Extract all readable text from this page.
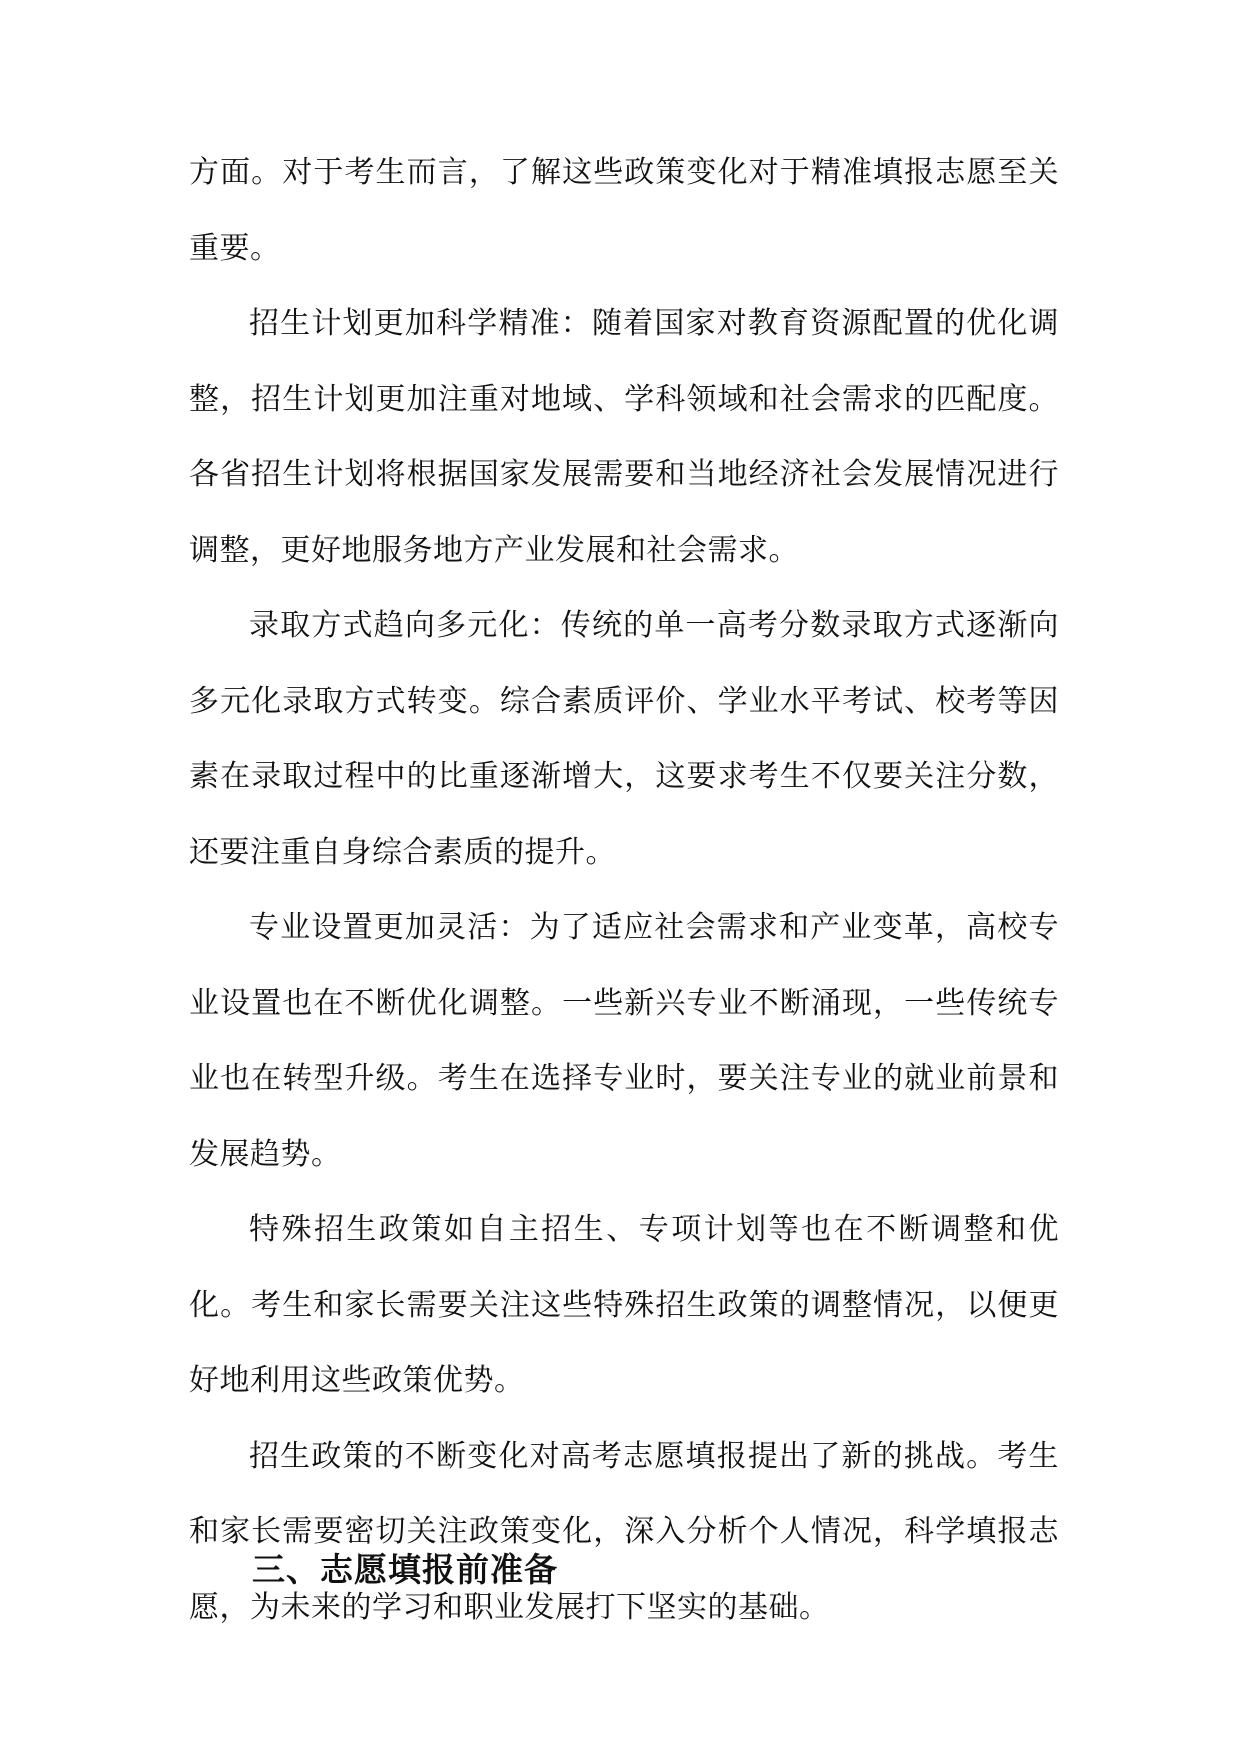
方面。对于考生而言，了解这些政策变化对于精准填报志愿至关重要。

招生计划更加科学精准：随着国家对教育资源配置的优化调整，招生计划更加注重对地域、学科领域和社会需求的匹配度。各省招生计划将根据国家发展需要和当地经济社会发展情况进行调整，更好地服务地方产业发展和社会需求。

录取方式趋向多元化：传统的单一高考分数录取方式逐渐向多元化录取方式转变。综合素质评价、学业水平考试、校考等因素在录取过程中的比重逐渐增大，这要求考生不仅要关注分数，还要注重自身综合素质的提升。

专业设置更加灵活：为了适应社会需求和产业变革，高校专业设置也在不断优化调整。一些新兴专业不断涌现，一些传统专业也在转型升级。考生在选择专业时，要关注专业的就业前景和发展趋势。

特殊招生政策如自主招生、专项计划等也在不断调整和优化。考生和家长需要关注这些特殊招生政策的调整情况，以便更好地利用这些政策优势。

招生政策的不断变化对高考志愿填报提出了新的挑战。考生和家长需要密切关注政策变化，深入分析个人情况，科学填报志愿，为未来的学习和职业发展打下坚实的基础。

三、志愿填报前准备
